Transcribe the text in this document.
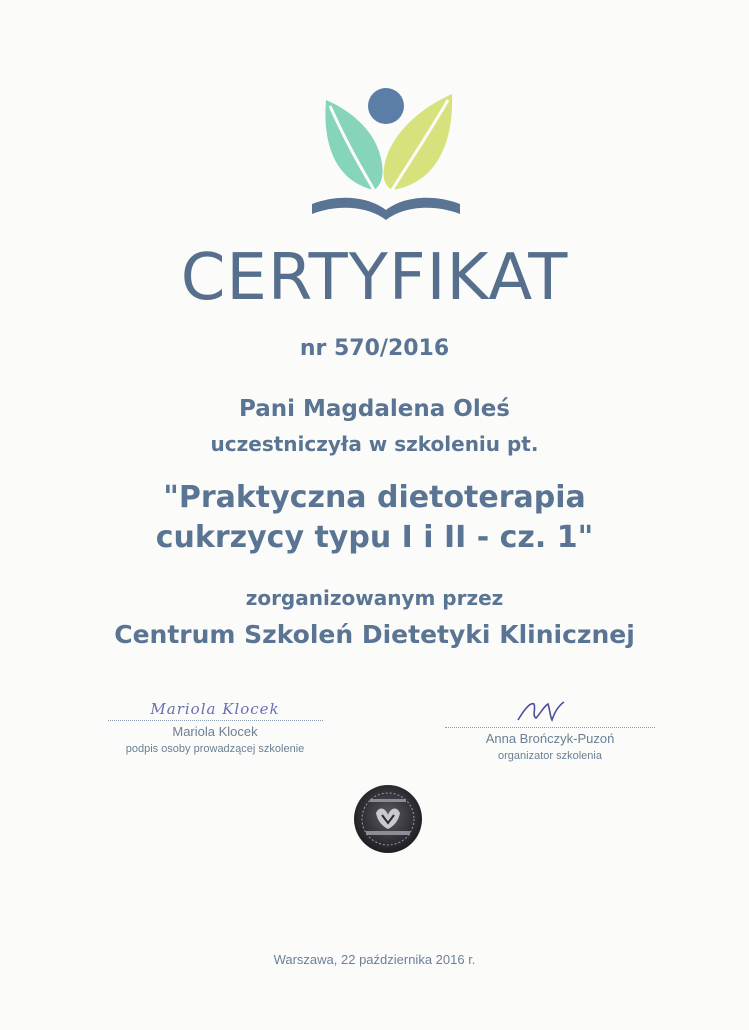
CERTYFIKAT
nr 570/2016
Pani Magdalena Oleś
uczestniczyła w szkoleniu pt.
"Praktyczna dietoterapia
cukrzycy typu I i II - cz. 1"
zorganizowanym przez
Centrum Szkoleń Dietetyki Klinicznej
Mariola Klocek
Mariola Klocek
podpis osoby prowadzącej szkolenie
Anna Brończyk-Puzoń
organizator szkolenia
Warszawa, 22 października 2016 r.
